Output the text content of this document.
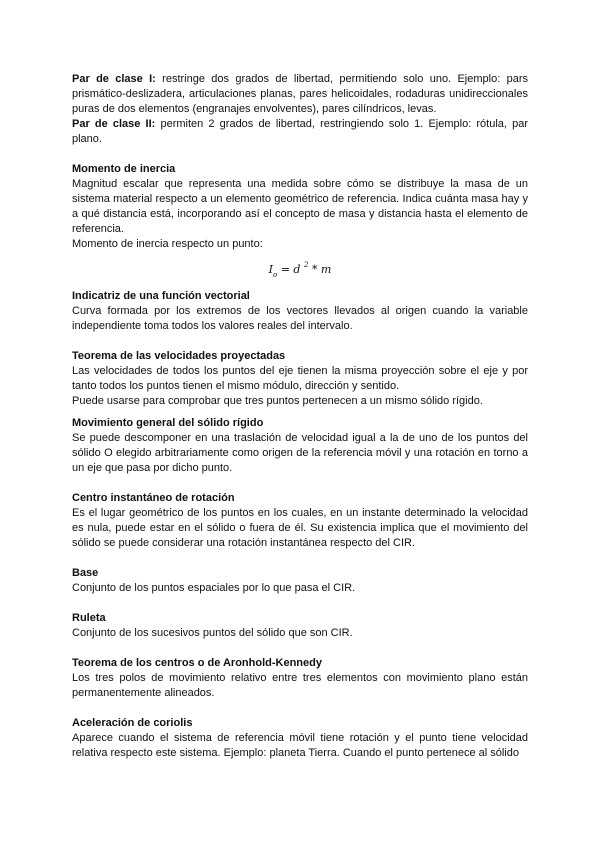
Par de clase I: restringe dos grados de libertad, permitiendo solo uno. Ejemplo: pars prismático-deslizadera, articulaciones planas, pares helicoidales, rodaduras unidireccionales puras de dos elementos (engranajes envolventes), pares cilíndricos, levas.

Par de clase II: permiten 2 grados de libertad, restringiendo solo 1. Ejemplo: rótula, par plano.

Momento de inercia

Magnitud escalar que representa una medida sobre cómo se distribuye la masa de un sistema material respecto a un elemento geométrico de referencia. Indica cuánta masa hay y a qué distancia está, incorporando así el concepto de masa y distancia hasta el elemento de referencia.

Momento de inercia respecto un punto:

$I_o = d$ $^2$ * m

Indicatriz de una función vectorial

Curva formada por los extremos de los vectores llevados al origen cuando la variable independiente toma todos los valores reales del intervalo.

Teorema de las velocidades proyectadas

Las velocidades de todos los puntos del eje tienen la misma proyección sobre el eje y por tanto todos los puntos tienen el mismo módulo, dirección y sentido.

Puede usarse para comprobar que tres puntos pertenecen a un mismo sólido rígido.

Movimiento general del sólido rígido

Se puede descomponer en una traslación de velocidad igual a la de uno de los puntos del sólido O elegido arbitrariamente como origen de la referencia móvil y una rotación en torno a un eje que pasa por dicho punto.

Centro instantáneo de rotación

Es el lugar geométrico de los puntos en los cuales, en un instante determinado la velocidad es nula, puede estar en el sólido o fuera de él. Su existencia implica que el movimiento del sólido se puede considerar una rotación instantánea respecto del CIR.

Base

Conjunto de los puntos espaciales por lo que pasa el CIR.

Ruleta

Conjunto de los sucesivos puntos del sólido que son CIR.

Teorema de los centros o de Aronhold-Kennedy

Los tres polos de movimiento relativo entre tres elementos con movimiento plano están permanentemente alineados.

Aceleración de coriolis

Aparece cuando el sistema de referencia móvil tiene rotación y el punto tiene velocidad relativa respecto este sistema. Ejemplo: planeta Tierra. Cuando el punto pertenece al sólido
